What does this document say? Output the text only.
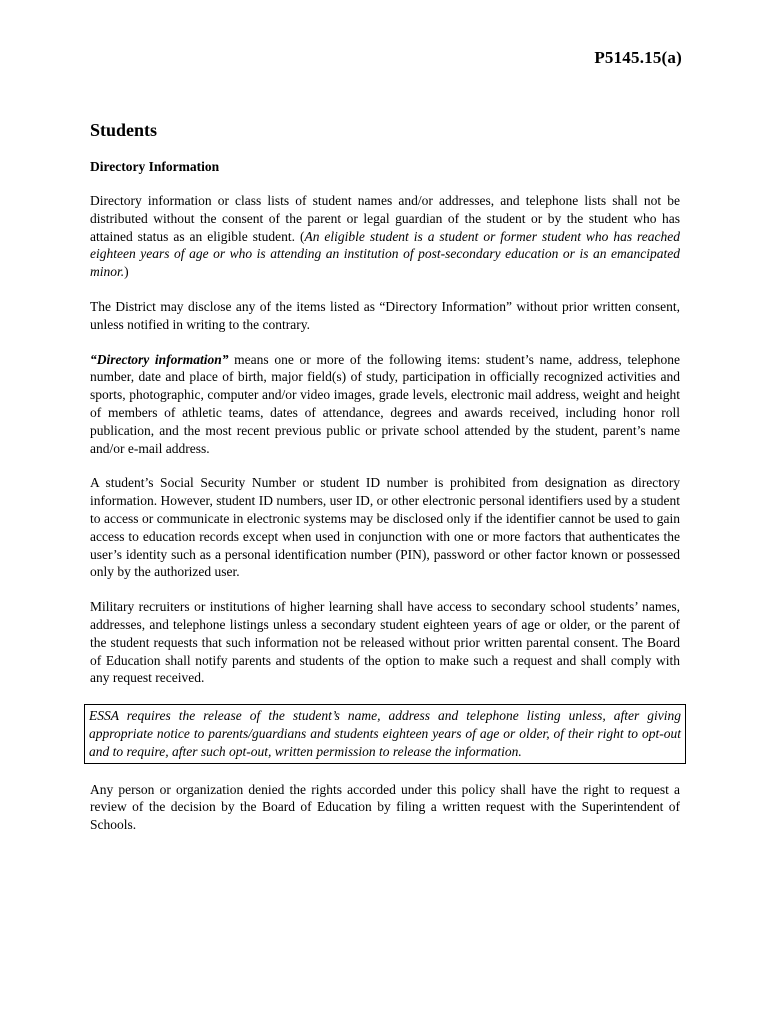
P5145.15(a)
Students
Directory Information

Directory information or class lists of student names and/or addresses, and telephone lists shall not be distributed without the consent of the parent or legal guardian of the student or by the student who has attained status as an eligible student. (An eligible student is a student or former student who has reached eighteen years of age or who is attending an institution of post-secondary education or is an emancipated minor.)

The District may disclose any of the items listed as “Directory Information” without prior written consent, unless notified in writing to the contrary.

“Directory information” means one or more of the following items: student’s name, address, telephone number, date and place of birth, major field(s) of study, participation in officially recognized activities and sports, photographic, computer and/or video images, grade levels, electronic mail address, weight and height of members of athletic teams, dates of attendance, degrees and awards received, including honor roll publication, and the most recent previous public or private school attended by the student, parent’s name and/or e-mail address.

A student’s Social Security Number or student ID number is prohibited from designation as directory information. However, student ID numbers, user ID, or other electronic personal identifiers used by a student to access or communicate in electronic systems may be disclosed only if the identifier cannot be used to gain access to education records except when used in conjunction with one or more factors that authenticates the user’s identity such as a personal identification number (PIN), password or other factor known or possessed only by the authorized user.

Military recruiters or institutions of higher learning shall have access to secondary school students’ names, addresses, and telephone listings unless a secondary student eighteen years of age or older, or the parent of the student requests that such information not be released without prior written parental consent. The Board of Education shall notify parents and students of the option to make such a request and shall comply with any request received.

ESSA requires the release of the student’s name, address and telephone listing unless, after giving appropriate notice to parents/guardians and students eighteen years of age or older, of their right to opt-out and to require, after such opt-out, written permission to release the information.

Any person or organization denied the rights accorded under this policy shall have the right to request a review of the decision by the Board of Education by filing a written request with the Superintendent of Schools.
